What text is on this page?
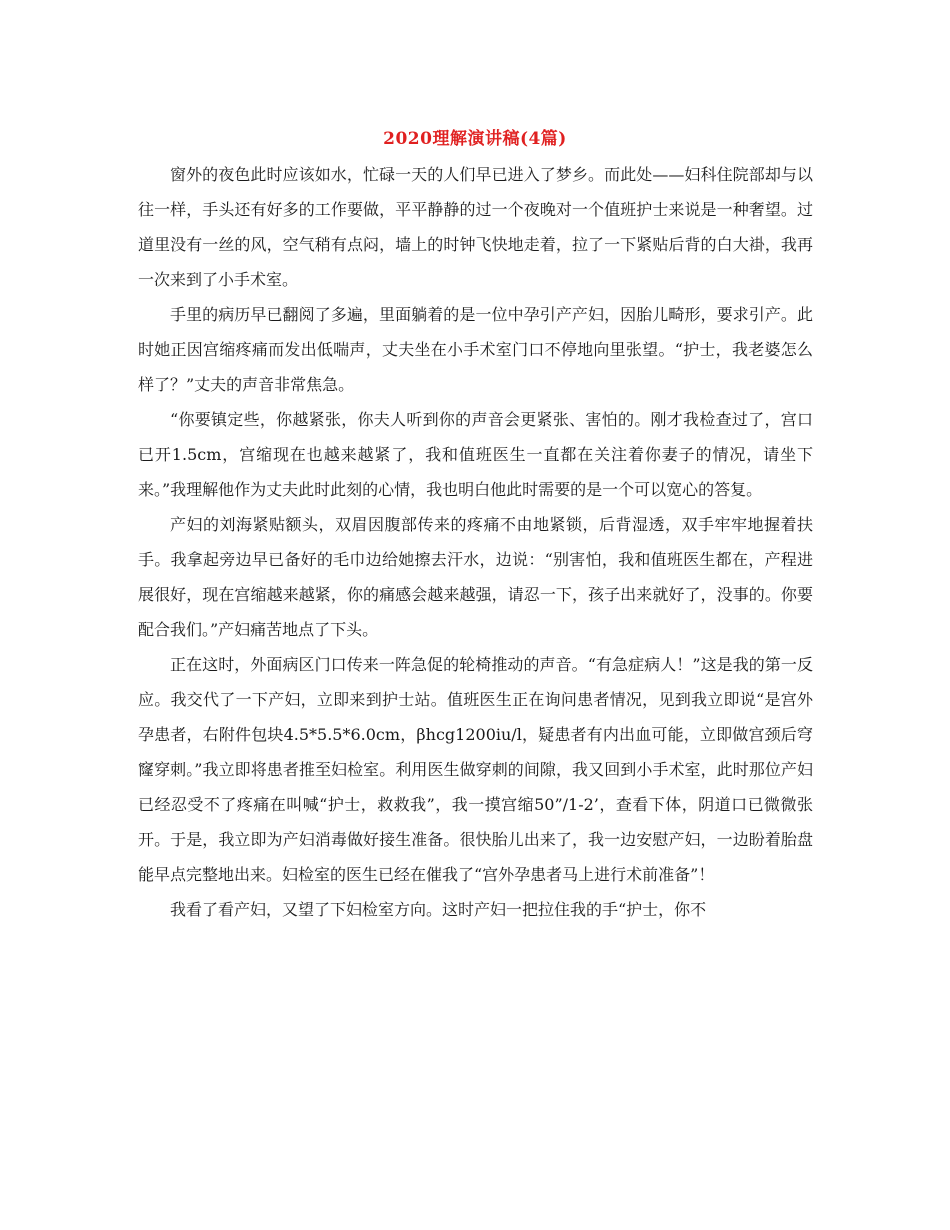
2020理解演讲稿(4篇)

窗外的夜色此时应该如水，忙碌一天的人们早已进入了梦乡。而此处——妇科住院部却与以往一样，手头还有好多的工作要做，平平静静的过一个夜晚对一个值班护士来说是一种奢望。过道里没有一丝的风，空气稍有点闷，墙上的时钟飞快地走着，拉了一下紧贴后背的白大褂，我再一次来到了小手术室。

手里的病历早已翻阅了多遍，里面躺着的是一位中孕引产产妇，因胎儿畸形，要求引产。此时她正因宫缩疼痛而发出低喘声，丈夫坐在小手术室门口不停地向里张望。“护士，我老婆怎么样了？”丈夫的声音非常焦急。

“你要镇定些，你越紧张，你夫人听到你的声音会更紧张、害怕的。刚才我检查过了，宫口已开1.5cm，宫缩现在也越来越紧了，我和值班医生一直都在关注着你妻子的情况，请坐下来。”我理解他作为丈夫此时此刻的心情，我也明白他此时需要的是一个可以宽心的答复。

产妇的刘海紧贴额头，双眉因腹部传来的疼痛不由地紧锁，后背湿透，双手牢牢地握着扶手。我拿起旁边早已备好的毛巾边给她擦去汗水，边说：“别害怕，我和值班医生都在，产程进展很好，现在宫缩越来越紧，你的痛感会越来越强，请忍一下，孩子出来就好了，没事的。你要配合我们。”产妇痛苦地点了下头。

正在这时，外面病区门口传来一阵急促的轮椅推动的声音。“有急症病人！”这是我的第一反应。我交代了一下产妇，立即来到护士站。值班医生正在询问患者情况，见到我立即说“是宫外孕患者，右附件包块4.5*5.5*6.0cm，βhcg1200iu/l，疑患者有内出血可能，立即做宫颈后穹窿穿刺。”我立即将患者推至妇检室。利用医生做穿刺的间隙，我又回到小手术室，此时那位产妇已经忍受不了疼痛在叫喊“护士，救救我”，我一摸宫缩50”/1-2’，查看下体，阴道口已微微张开。于是，我立即为产妇消毒做好接生准备。很快胎儿出来了，我一边安慰产妇，一边盼着胎盘能早点完整地出来。妇检室的医生已经在催我了“宫外孕患者马上进行术前准备”！

我看了看产妇，又望了下妇检室方向。这时产妇一把拉住我的手“护士，你不
